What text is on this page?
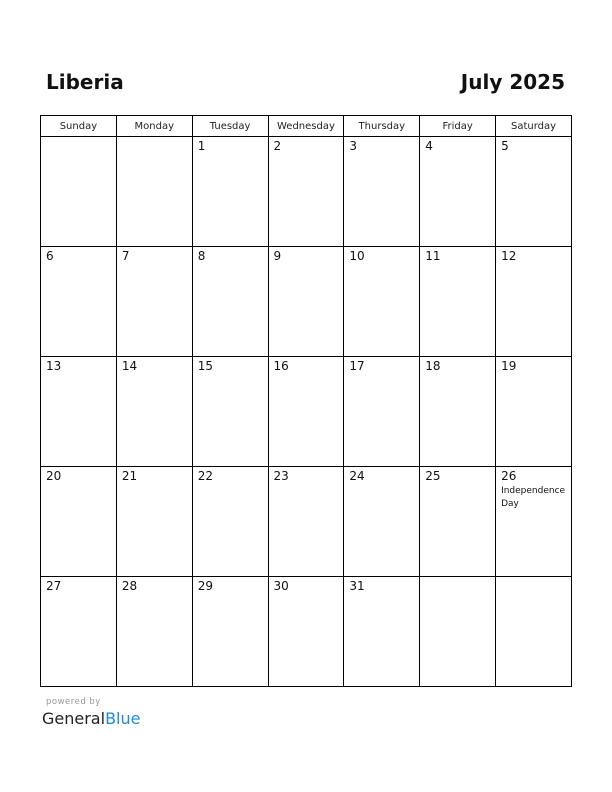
Liberia	July 2025
Sunday	Monday	Tuesday	Wednesday	Thursday	Friday	Saturday

		1	2	3	4	5

6	7	8	9	10	11	12

13	14	15	16	17	18	19

20	21	22	23	24	25	26
Independence Day

27	28	29	30	31		

powered by
GeneralBlue
